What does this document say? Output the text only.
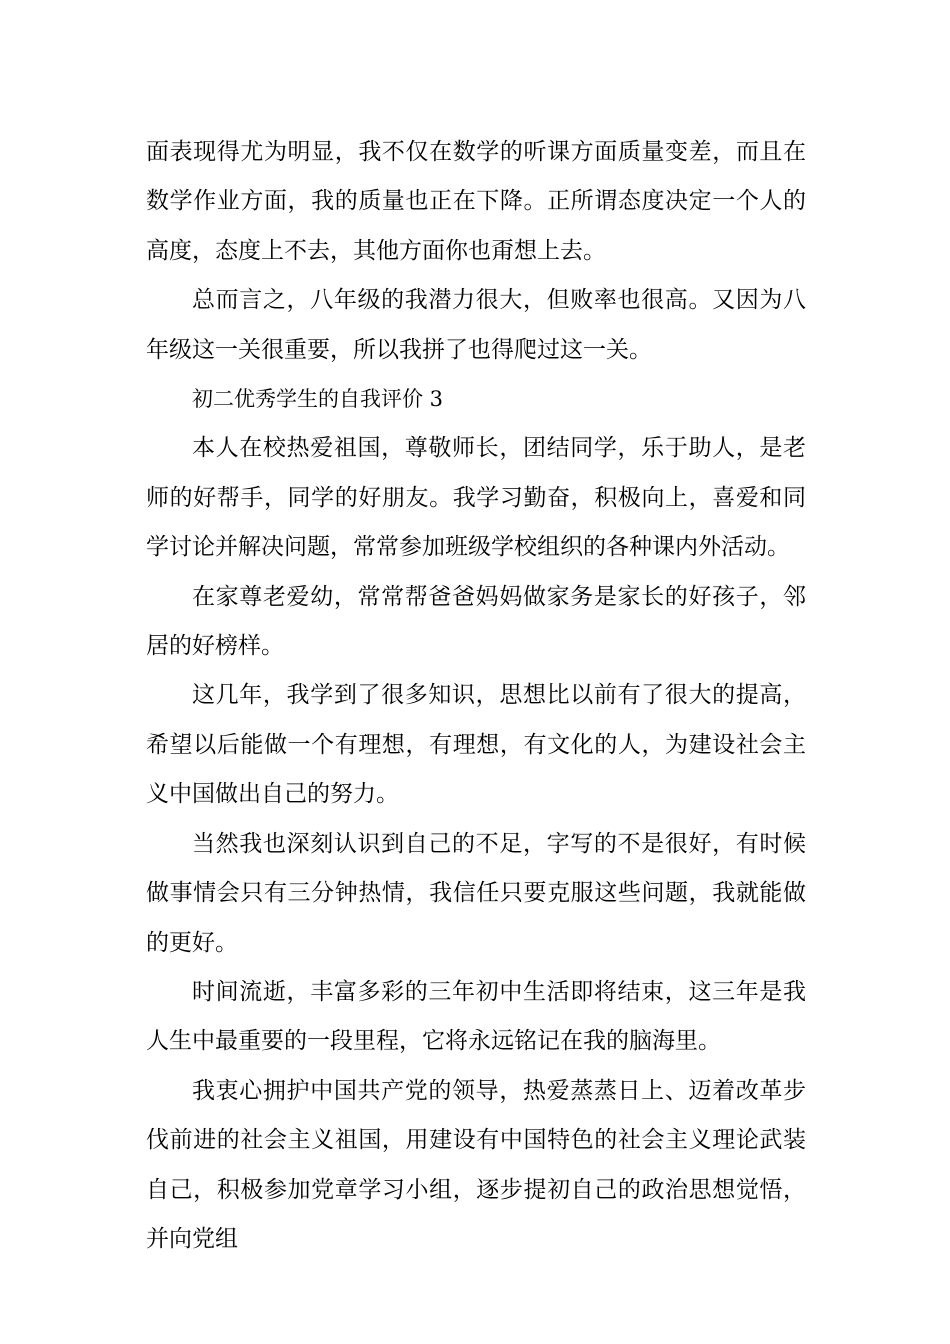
面表现得尤为明显，我不仅在数学的听课方面质量变差，而且在数学作业方面，我的质量也正在下降。正所谓态度决定一个人的高度，态度上不去，其他方面你也甭想上去。

总而言之，八年级的我潜力很大，但败率也很高。又因为八年级这一关很重要，所以我拼了也得爬过这一关。

初二优秀学生的自我评价 3

本人在校热爱祖国，尊敬师长，团结同学，乐于助人，是老师的好帮手，同学的好朋友。我学习勤奋，积极向上，喜爱和同学讨论并解决问题，常常参加班级学校组织的各种课内外活动。

在家尊老爱幼，常常帮爸爸妈妈做家务是家长的好孩子，邻居的好榜样。

这几年，我学到了很多知识，思想比以前有了很大的提高，希望以后能做一个有理想，有理想，有文化的人，为建设社会主义中国做出自己的努力。

当然我也深刻认识到自己的不足，字写的不是很好，有时候做事情会只有三分钟热情，我信任只要克服这些问题，我就能做的更好。

时间流逝，丰富多彩的三年初中生活即将结束，这三年是我人生中最重要的一段里程，它将永远铭记在我的脑海里。

我衷心拥护中国共产党的领导，热爱蒸蒸日上、迈着改革步伐前进的社会主义祖国，用建设有中国特色的社会主义理论武装自己，积极参加党章学习小组，逐步提初自己的政治思想觉悟，并向党组
